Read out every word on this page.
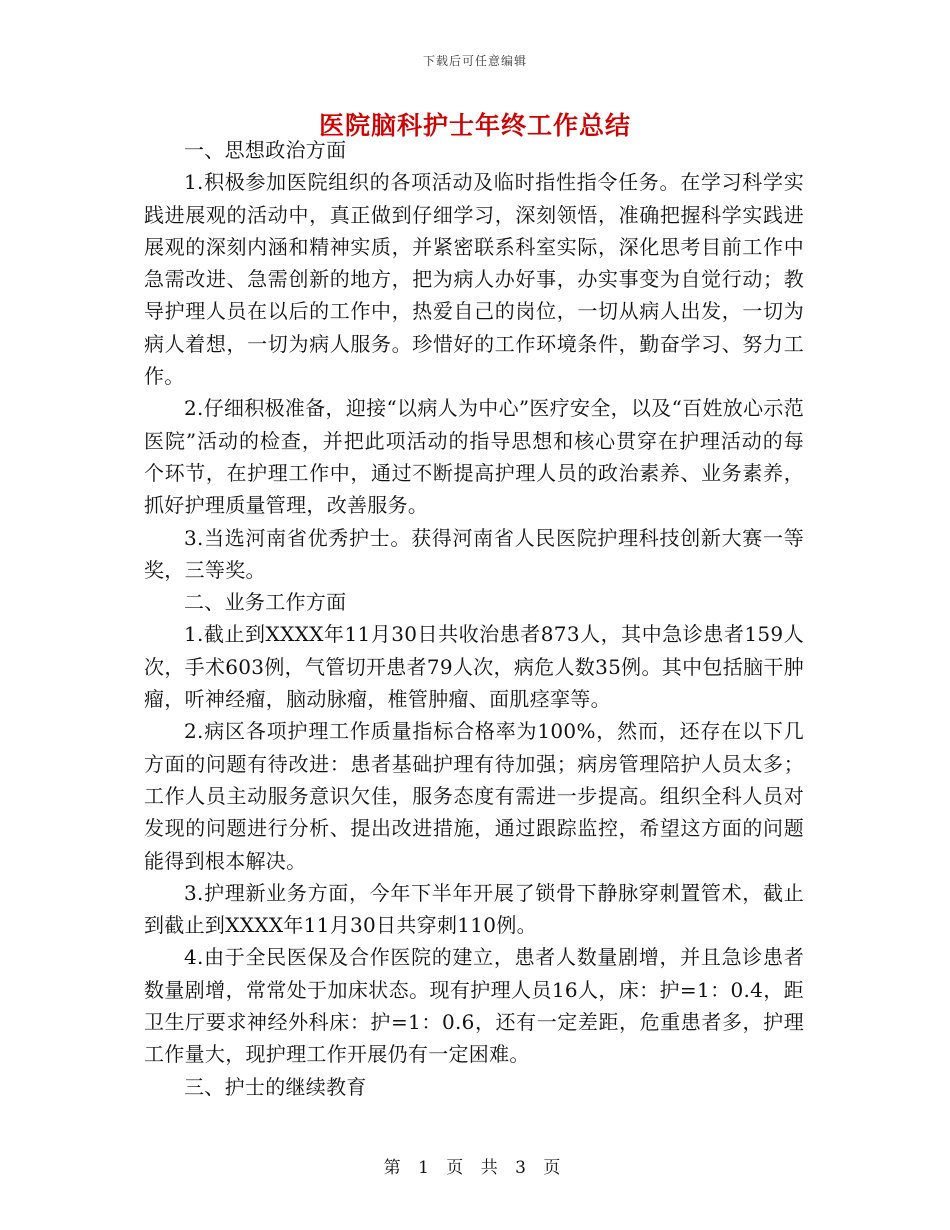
下载后可任意编辑
医院脑科护士年终工作总结

一、思想政治方面

1.积极参加医院组织的各项活动及临时指性指令任务。在学习科学实践进展观的活动中，真正做到仔细学习，深刻领悟，准确把握科学实践进展观的深刻内涵和精神实质，并紧密联系科室实际，深化思考目前工作中急需改进、急需创新的地方，把为病人办好事，办实事变为自觉行动；教导护理人员在以后的工作中，热爱自己的岗位，一切从病人出发，一切为病人着想，一切为病人服务。珍惜好的工作环境条件，勤奋学习、努力工作。

2.仔细积极准备，迎接“以病人为中心”医疗安全，以及“百姓放心示范医院”活动的检查，并把此项活动的指导思想和核心贯穿在护理活动的每个环节，在护理工作中，通过不断提高护理人员的政治素养、业务素养，抓好护理质量管理，改善服务。

3.当选河南省优秀护士。获得河南省人民医院护理科技创新大赛一等奖，三等奖。

二、业务工作方面

1.截止到XXXX年11月30日共收治患者873人，其中急诊患者159人次，手术603例，气管切开患者79人次，病危人数35例。其中包括脑干肿瘤，听神经瘤，脑动脉瘤，椎管肿瘤、面肌痉挛等。

2.病区各项护理工作质量指标合格率为100%，然而，还存在以下几方面的问题有待改进：患者基础护理有待加强；病房管理陪护人员太多；工作人员主动服务意识欠佳，服务态度有需进一步提高。组织全科人员对发现的问题进行分析、提出改进措施，通过跟踪监控，希望这方面的问题能得到根本解决。

3.护理新业务方面，今年下半年开展了锁骨下静脉穿刺置管术，截止到截止到XXXX年11月30日共穿刺110例。

4.由于全民医保及合作医院的建立，患者人数量剧增，并且急诊患者数量剧增，常常处于加床状态。现有护理人员16人，床：护=1：0.4，距卫生厅要求神经外科床：护=1：0.6，还有一定差距，危重患者多，护理工作量大，现护理工作开展仍有一定困难。

三、护士的继续教育

第 1 页 共 3 页
